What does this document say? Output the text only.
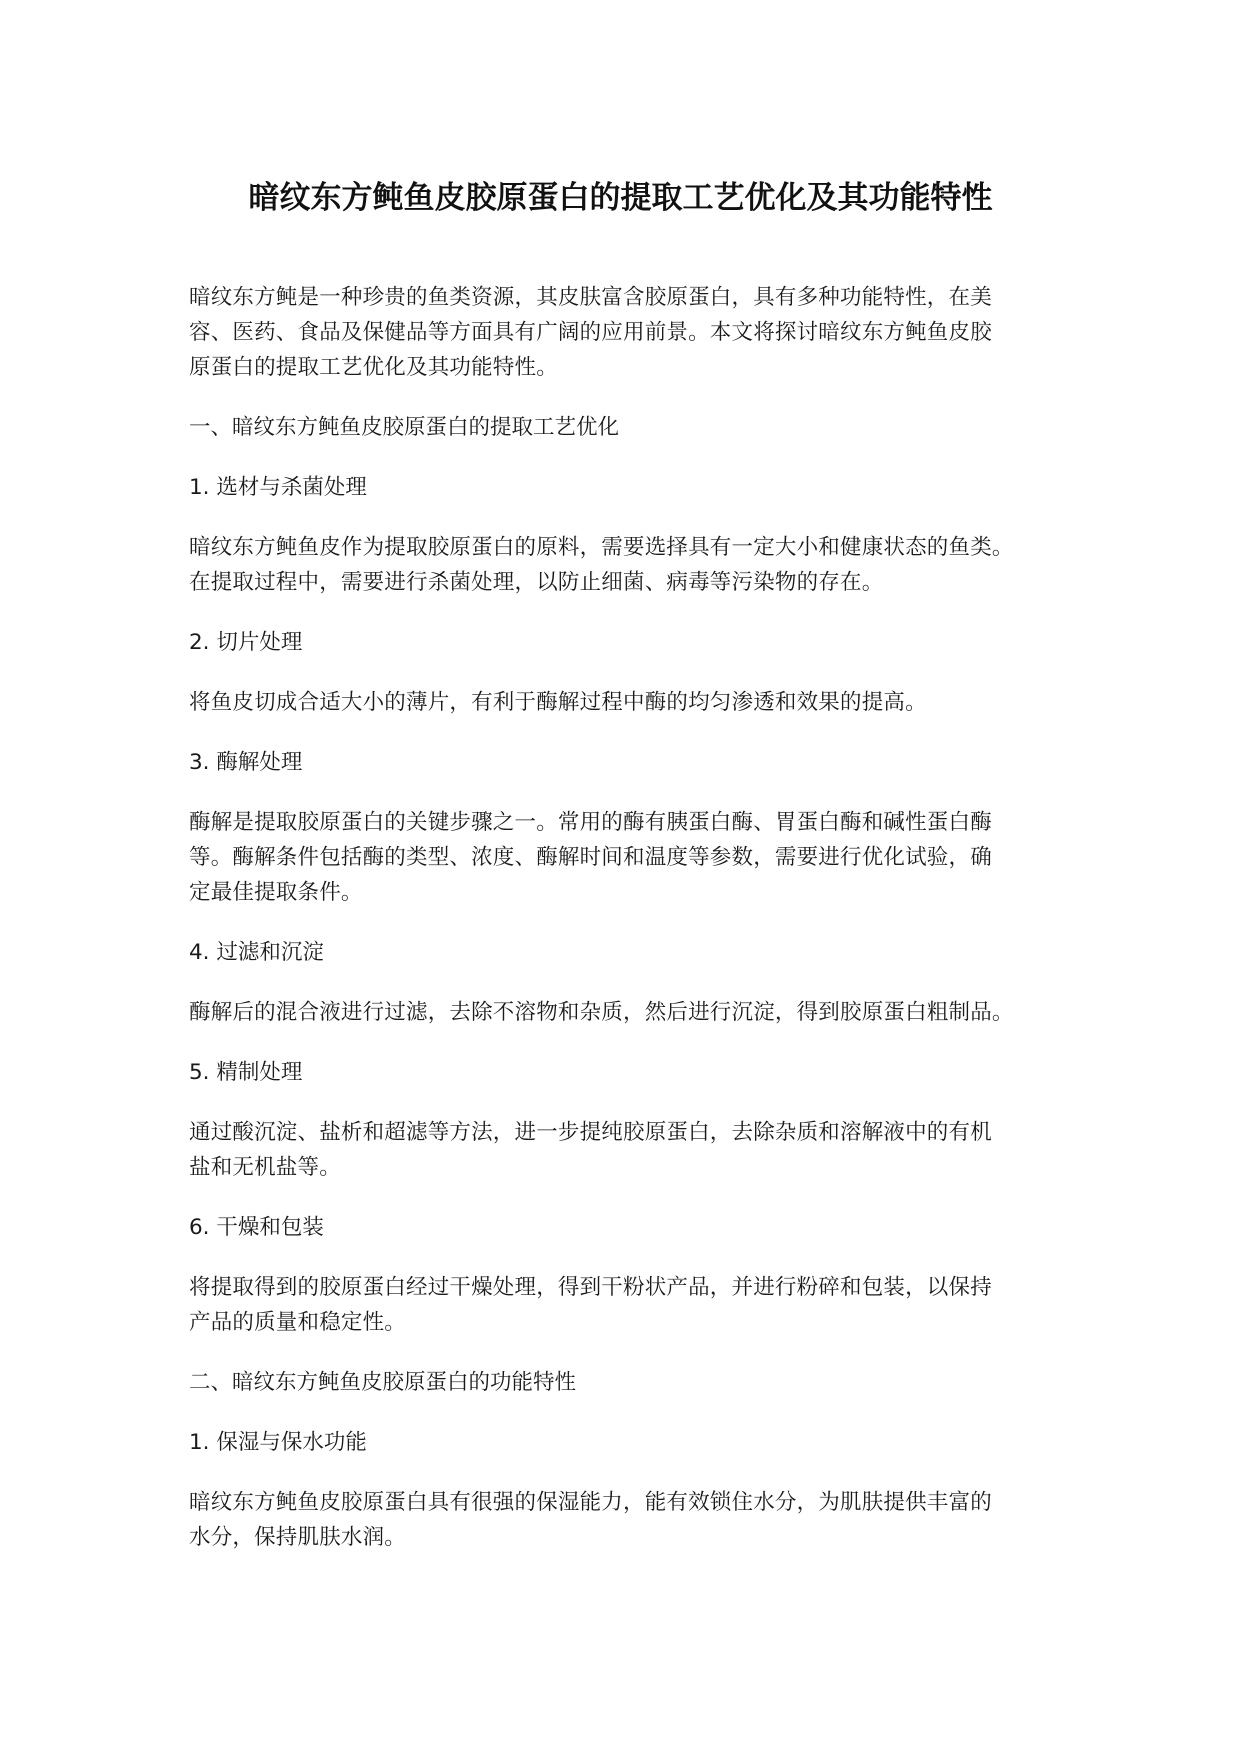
暗纹东方鲀鱼皮胶原蛋白的提取工艺优化及其功能特性

暗纹东方鲀是一种珍贵的鱼类资源，其皮肤富含胶原蛋白，具有多种功能特性，在美
容、医药、食品及保健品等方面具有广阔的应用前景。本文将探讨暗纹东方鲀鱼皮胶
原蛋白的提取工艺优化及其功能特性。

一、暗纹东方鲀鱼皮胶原蛋白的提取工艺优化

1. 选材与杀菌处理

暗纹东方鲀鱼皮作为提取胶原蛋白的原料，需要选择具有一定大小和健康状态的鱼类。
在提取过程中，需要进行杀菌处理，以防止细菌、病毒等污染物的存在。

2. 切片处理

将鱼皮切成合适大小的薄片，有利于酶解过程中酶的均匀渗透和效果的提高。

3. 酶解处理

酶解是提取胶原蛋白的关键步骤之一。常用的酶有胰蛋白酶、胃蛋白酶和碱性蛋白酶
等。酶解条件包括酶的类型、浓度、酶解时间和温度等参数，需要进行优化试验，确
定最佳提取条件。

4. 过滤和沉淀

酶解后的混合液进行过滤，去除不溶物和杂质，然后进行沉淀，得到胶原蛋白粗制品。

5. 精制处理

通过酸沉淀、盐析和超滤等方法，进一步提纯胶原蛋白，去除杂质和溶解液中的有机
盐和无机盐等。

6. 干燥和包装

将提取得到的胶原蛋白经过干燥处理，得到干粉状产品，并进行粉碎和包装，以保持
产品的质量和稳定性。

二、暗纹东方鲀鱼皮胶原蛋白的功能特性

1. 保湿与保水功能

暗纹东方鲀鱼皮胶原蛋白具有很强的保湿能力，能有效锁住水分，为肌肤提供丰富的
水分，保持肌肤水润。
